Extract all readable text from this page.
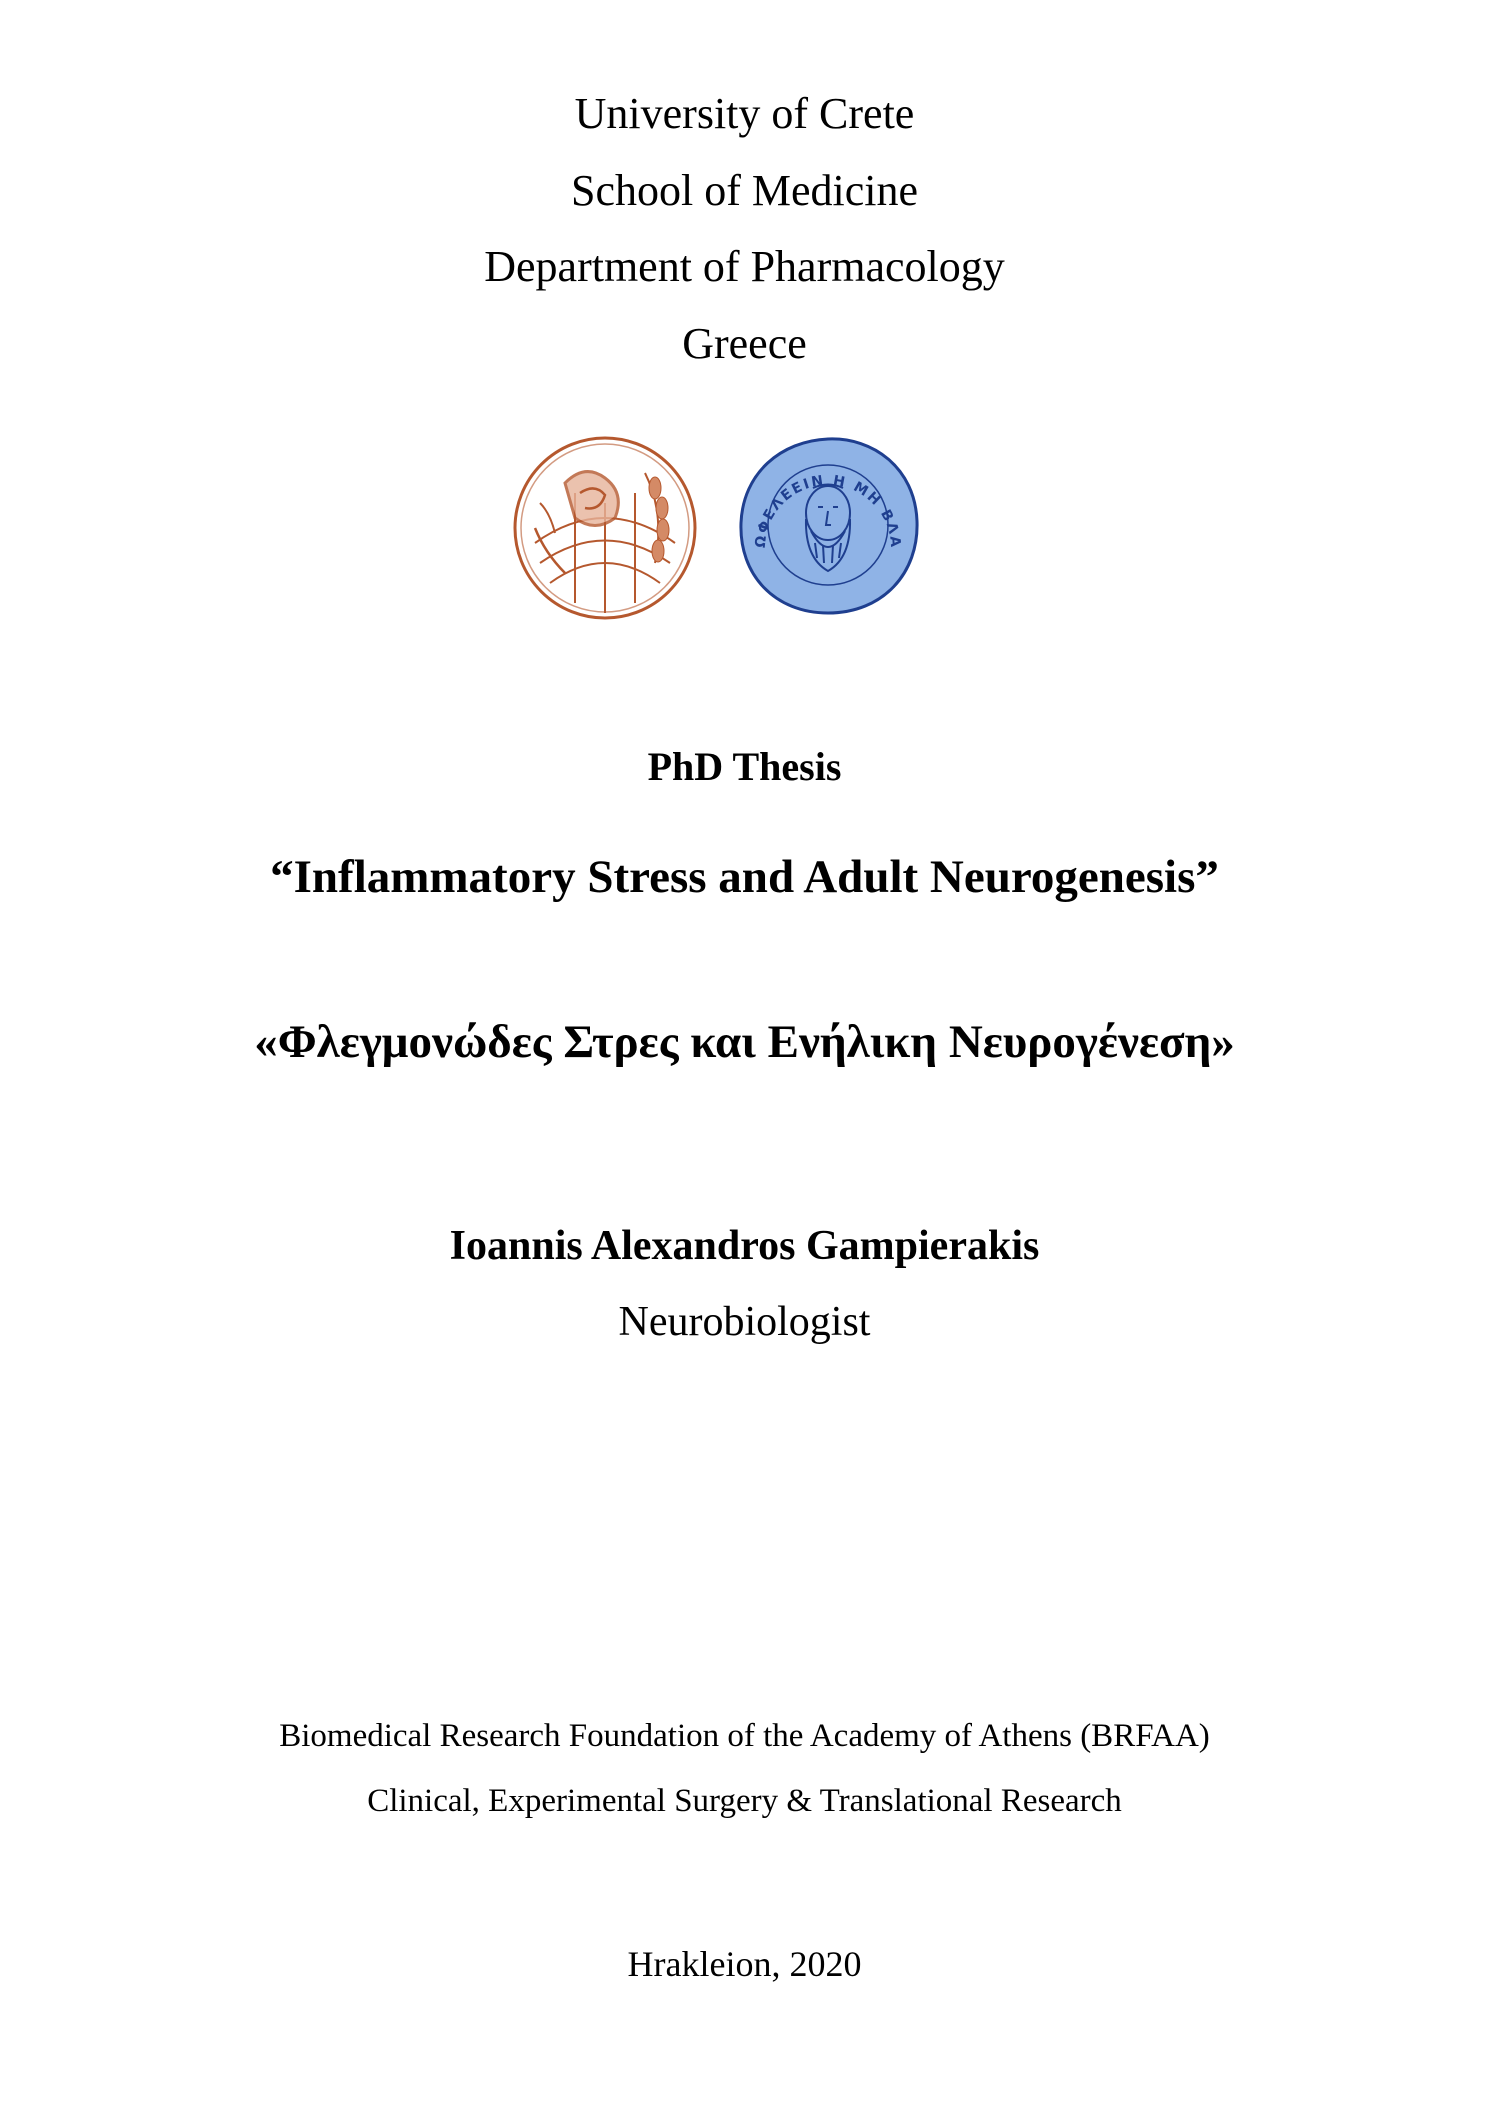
University of Crete
School of Medicine
Department of Pharmacology
Greece
ΩΦΕΛΕΕΙΝ Η ΜΗ ΒΛΑΠΤΕΙΝ
PhD Thesis
“Inflammatory Stress and Adult Neurogenesis”
«Φλεγμονώδες Στρες και Ενήλικη Νευρογένεση»
Ioannis Alexandros Gampierakis
Neurobiologist
Biomedical Research Foundation of the Academy of Athens (BRFAA)
Clinical, Experimental Surgery & Translational Research
Hrakleion, 2020
